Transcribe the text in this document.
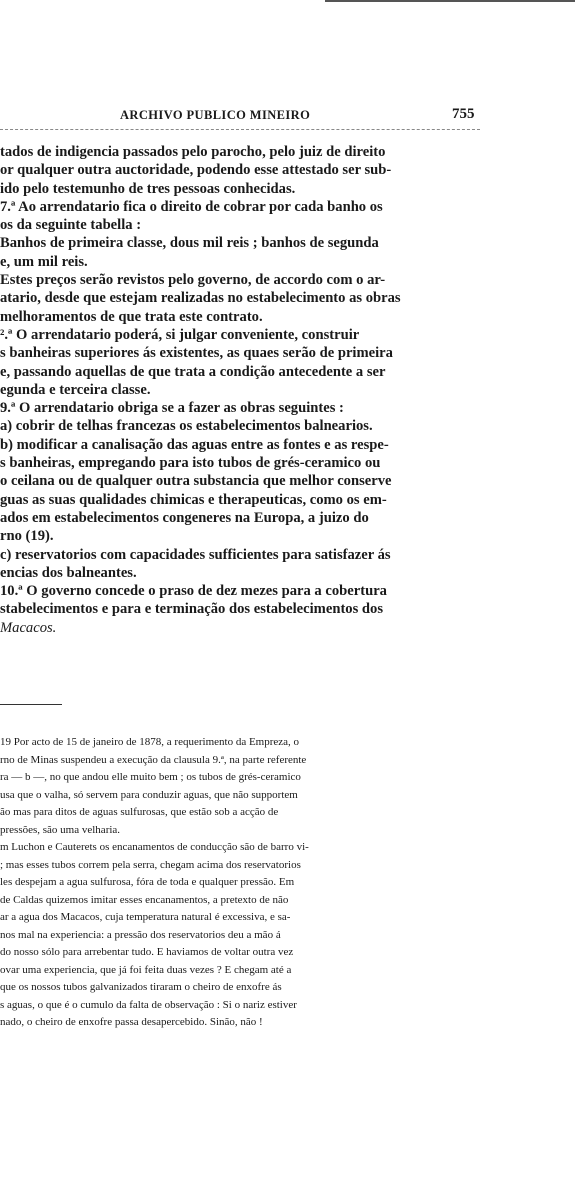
ARCHIVO PUBLICO MINEIRO	755
tados de indigencia passados pelo parocho, pelo juiz de direito
or qualquer outra auctoridade, podendo esse attestado ser sub-
ido pelo testemunho de tres pessoas conhecidas.
7.ª Ao arrendatario fica o direito de cobrar por cada banho os
os da seguinte tabella :
Banhos de primeira classe, dous mil reis ; banhos de segunda
e, um mil reis.
Estes preços serão revistos pelo governo, de accordo com o ar-
atario, desde que estejam realizadas no estabelecimento as obras
melhoramentos de que trata este contrato.
².ª O arrendatario poderá, si julgar conveniente, construir
s banheiras superiores ás existentes, as quaes serão de primeira
e, passando aquellas de que trata a condição antecedente a ser
egunda e terceira classe.
9.ª O arrendatario obriga se a fazer as obras seguintes :
a) cobrir de telhas francezas os estabelecimentos balnearios.
b) modificar a canalisação das aguas entre as fontes e as respe-
s banheiras, empregando para isto tubos de grés-ceramico ou
o ceilana ou de qualquer outra substancia que melhor conserve
guas as suas qualidades chimicas e therapeuticas, como os em-
ados em estabelecimentos congeneres na Europa, a juizo do
rno (19).
c) reservatorios com capacidades sufficientes para satisfazer ás
encias dos balneantes.
10.ª O governo concede o praso de dez mezes para a cobertura
stabelecimentos e para e terminação dos estabelecimentos dos
Macacos.
19 Por acto de 15 de janeiro de 1878, a requerimento da Empreza, o
rno de Minas suspendeu a execução da clausula 9.ª, na parte referente
ra — b —, no que andou elle muito bem ; os tubos de grés-ceramico
usa que o valha, só servem para conduzir aguas, que não supportem
ão mas para ditos de aguas sulfurosas, que estão sob a acção de
pressões, são uma velharia.
m Luchon e Cauterets os encanamentos de conducção são de barro vi-
; mas esses tubos correm pela serra, chegam acima dos reservatorios
les despejam a agua sulfurosa, fóra de toda e qualquer pressão. Em
de Caldas quizemos imitar esses encanamentos, a pretexto de não
ar a agua dos Macacos, cuja temperatura natural é excessiva, e sa-
nos mal na experiencia: a pressão dos reservatorios deu a mão á
do nosso sólo para arrebentar tudo. E haviamos de voltar outra vez
ovar uma experiencia, que já foi feita duas vezes ? E chegam até a
que os nossos tubos galvanizados tiraram o cheiro de enxofre ás
s aguas, o que é o cumulo da falta de observação : Si o nariz estiver
nado, o cheiro de enxofre passa desapercebido. Sinão, não !
